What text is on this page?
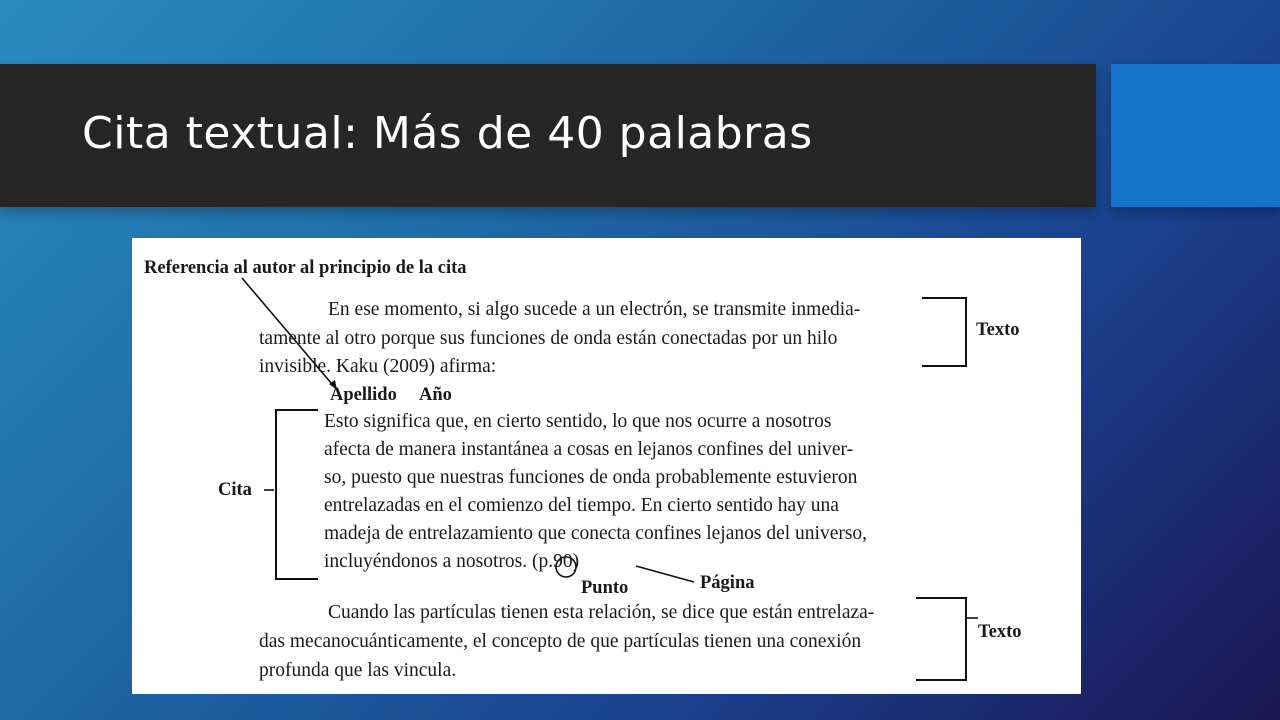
Cita textual: Más de 40 palabras
Referencia al autor al principio de la cita
En ese momento, si algo sucede a un electrón, se transmite inmedia-
tamente al otro porque sus funciones de onda están conectadas por un hilo
invisible. Kaku (2009) afirma:
Texto
Apellido Año
Esto significa que, en cierto sentido, lo que nos ocurre a nosotros
afecta de manera instantánea a cosas en lejanos confines del univer-
so, puesto que nuestras funciones de onda probablemente estuvieron
entrelazadas en el comienzo del tiempo. En cierto sentido hay una
madeja de entrelazamiento que conecta confines lejanos del universo,
incluyéndonos a nosotros. (p.90)
Cita
Punto	Página
Cuando las partículas tienen esta relación, se dice que están entrelaza-
das mecanocuánticamente, el concepto de que partículas tienen una conexión
profunda que las vincula.
Texto
